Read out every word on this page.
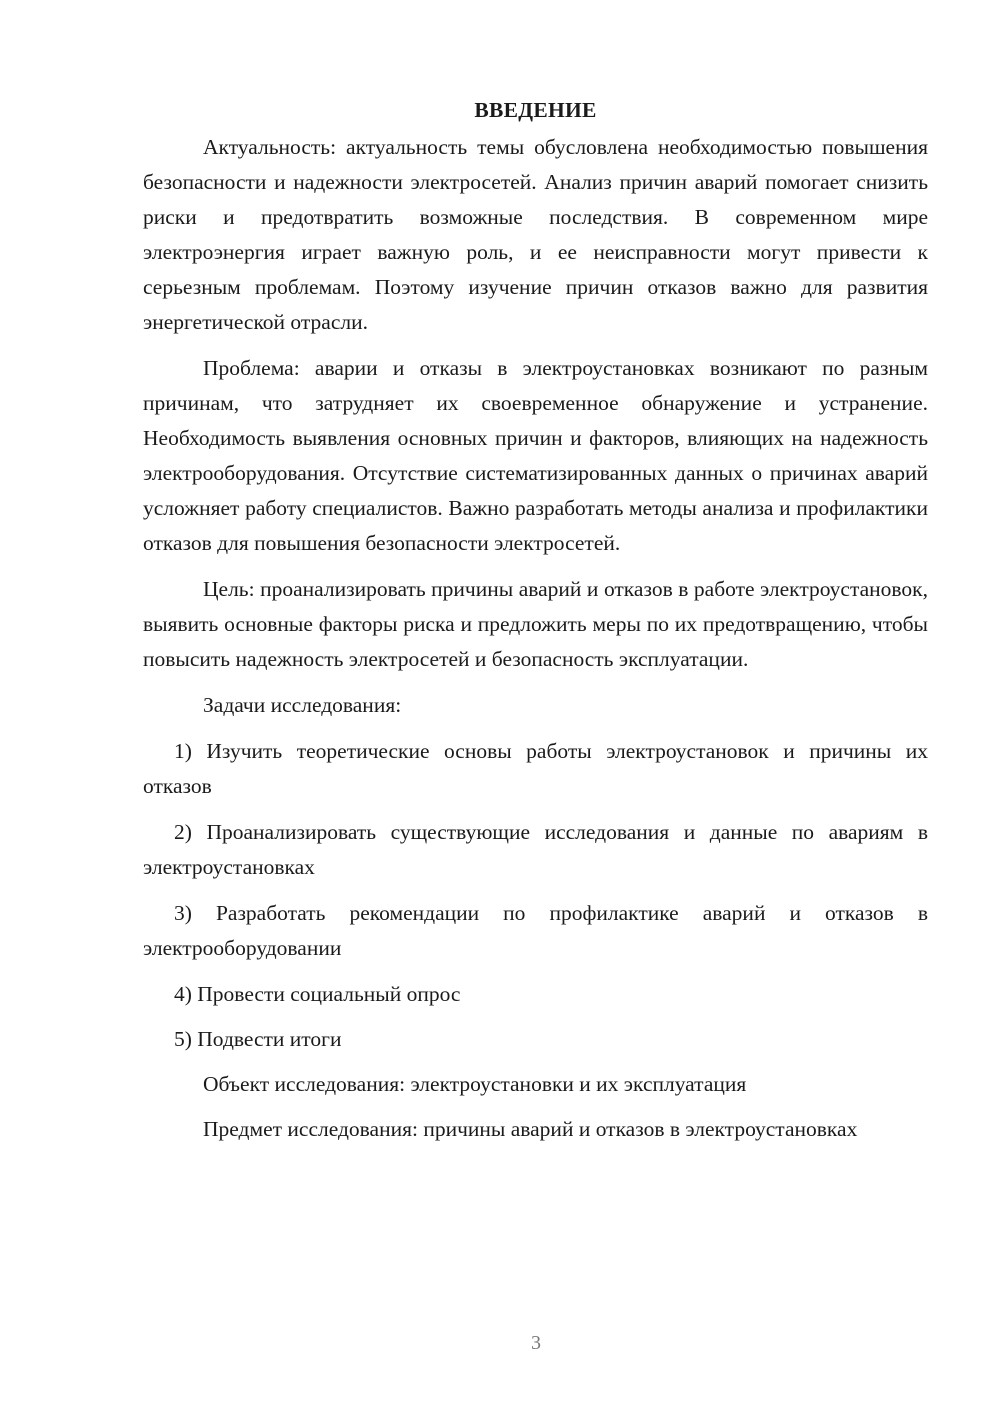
ВВЕДЕНИЕ

Актуальность: актуальность темы обусловлена необходимостью повышения безопасности и надежности электросетей. Анализ причин аварий помогает снизить риски и предотвратить возможные последствия. В современном мире электроэнергия играет важную роль, и ее неисправности могут привести к серьезным проблемам. Поэтому изучение причин отказов важно для развития энергетической отрасли.

Проблема: аварии и отказы в электроустановках возникают по разным причинам, что затрудняет их своевременное обнаружение и устранение. Необходимость выявления основных причин и факторов, влияющих на надежность электрооборудования. Отсутствие систематизированных данных о причинах аварий усложняет работу специалистов. Важно разработать методы анализа и профилактики отказов для повышения безопасности электросетей.

Цель: проанализировать причины аварий и отказов в работе электроустановок, выявить основные факторы риска и предложить меры по их предотвращению, чтобы повысить надежность электросетей и безопасность эксплуатации.

Задачи исследования:

1) Изучить теоретические основы работы электроустановок и причины их отказов

2) Проанализировать существующие исследования и данные по авариям в электроустановках

3) Разработать рекомендации по профилактике аварий и отказов в электрооборудовании

4) Провести социальный опрос

5) Подвести итоги

Объект исследования: электроустановки и их эксплуатация

Предмет исследования: причины аварий и отказов в электроустановках

3
